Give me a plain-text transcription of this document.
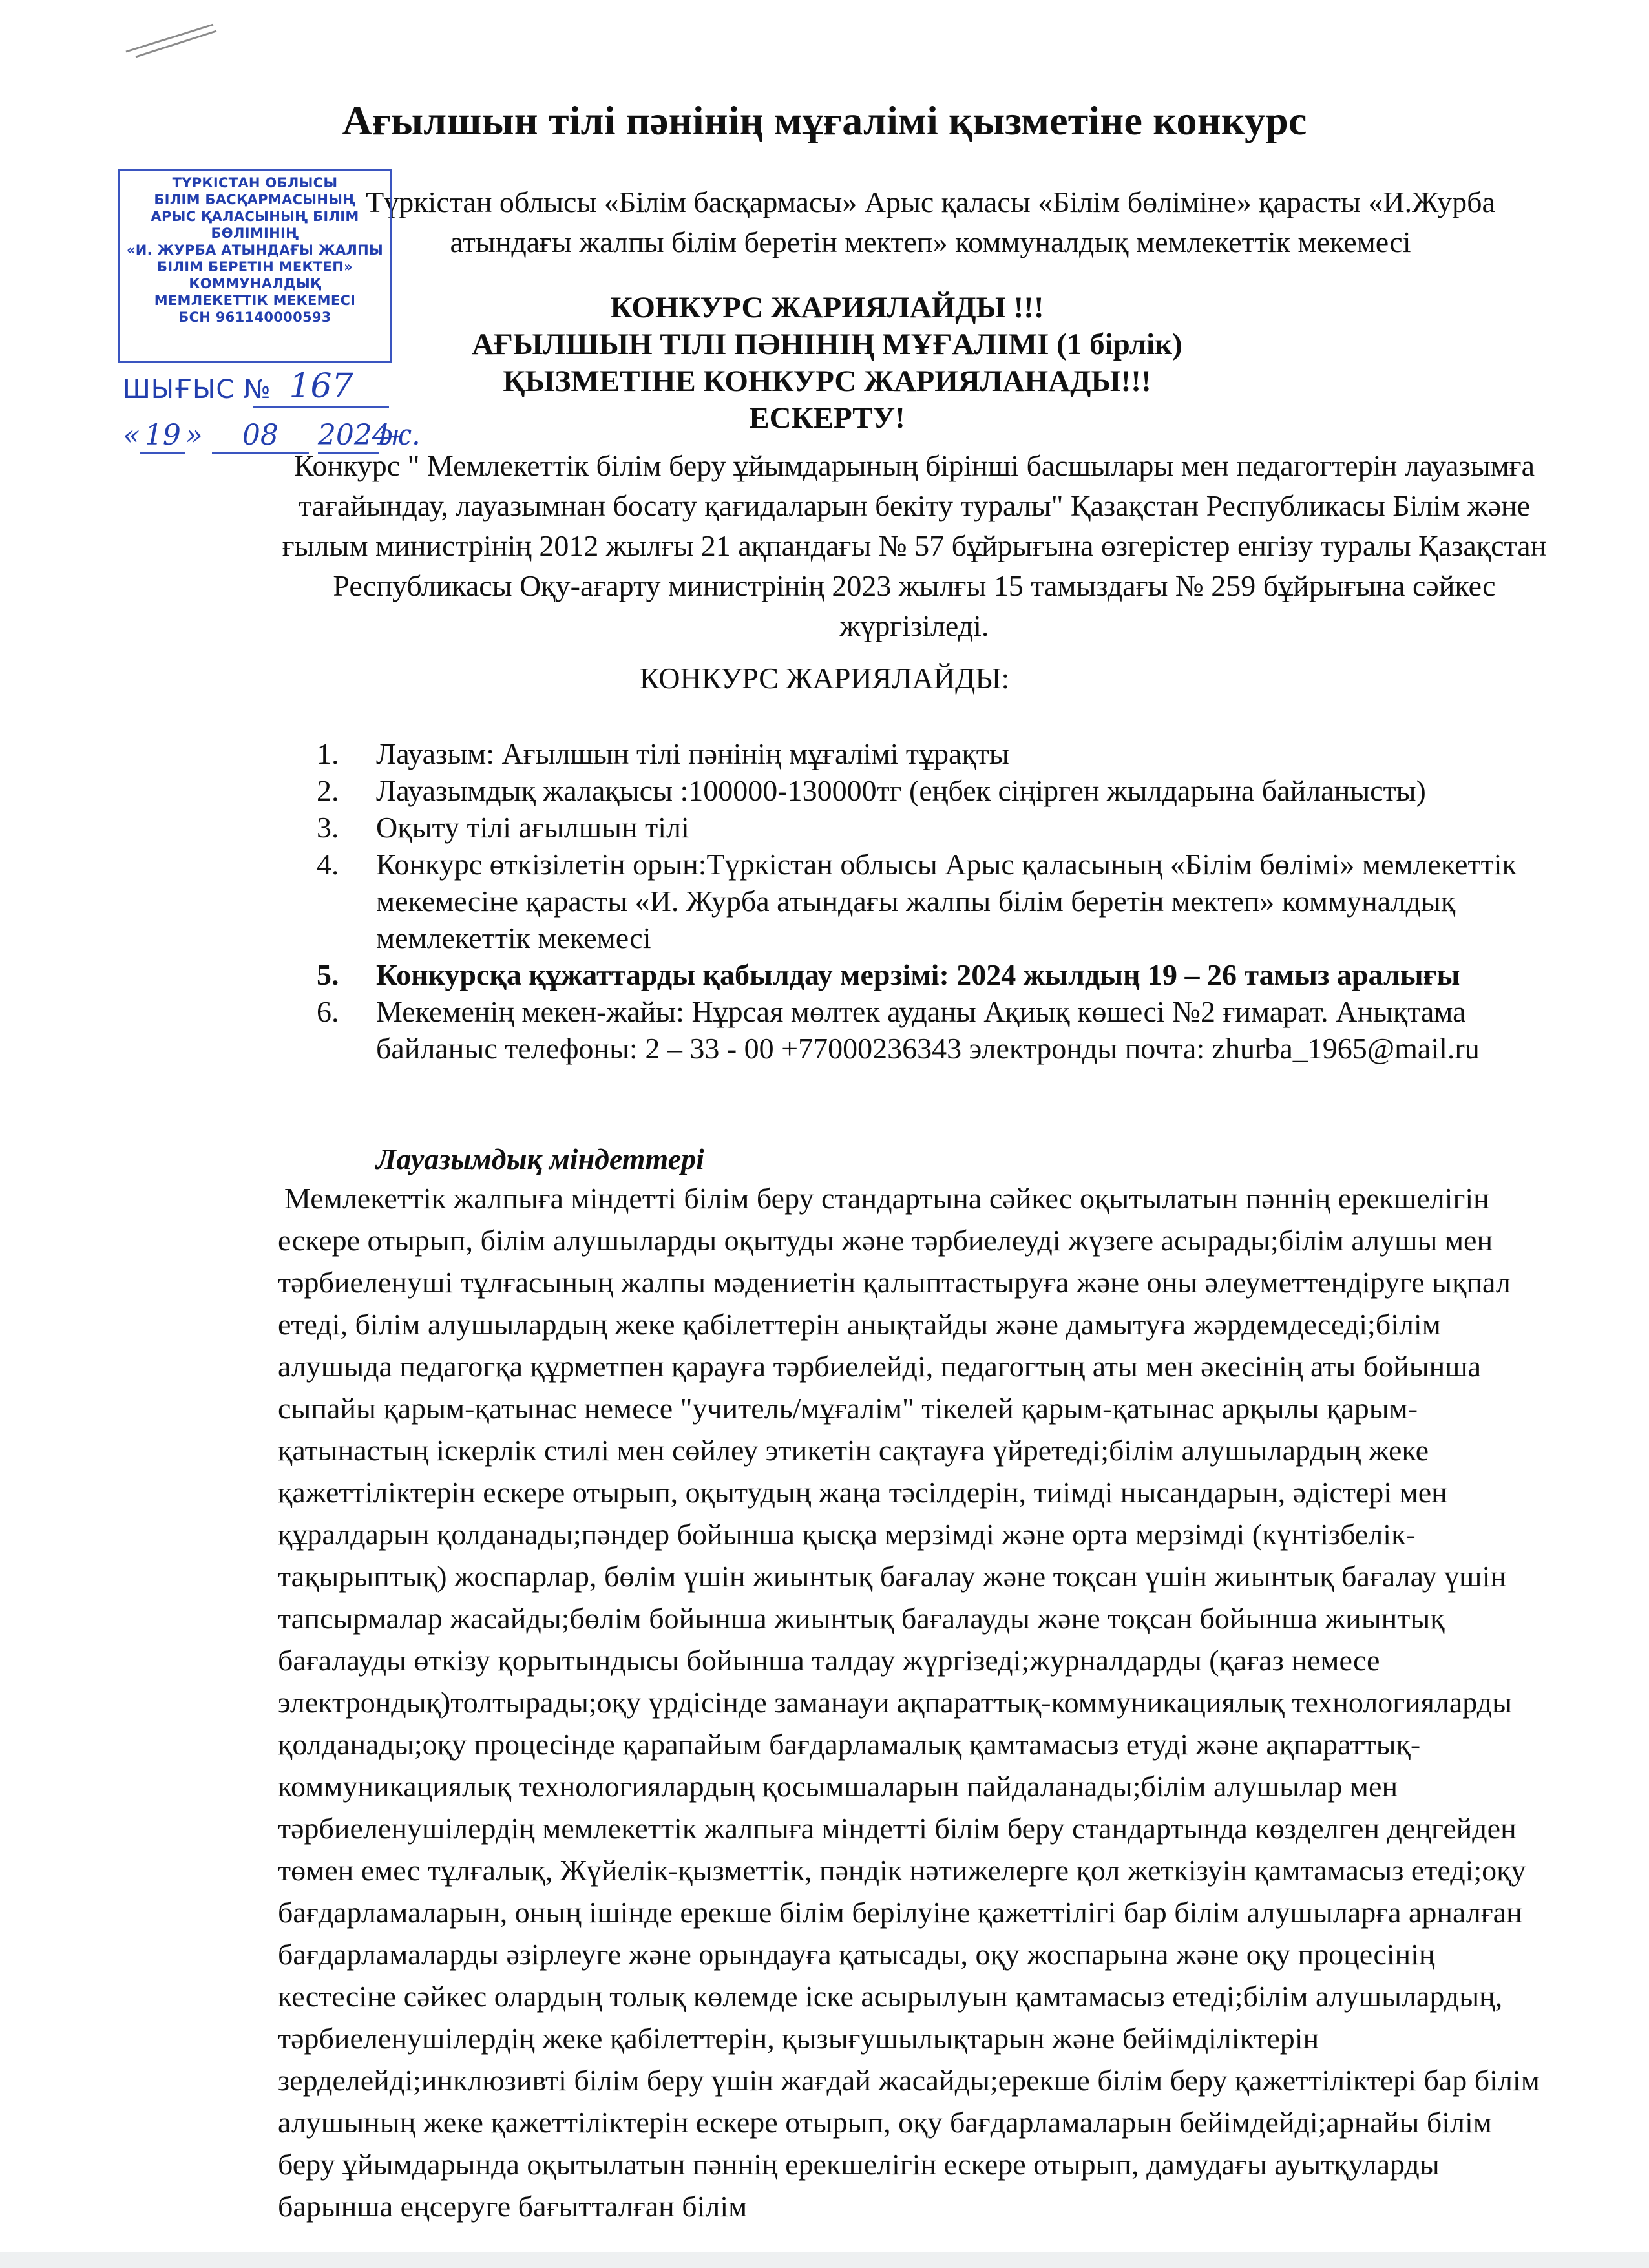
Ағылшын тілі пәнінің мұғалімі қызметіне конкурс
Түркістан облысы «Білім басқармасы» Арыс қаласы «Білім бөліміне» қарасты «И.Журба атындағы жалпы білім беретін мектеп» коммуналдық мемлекеттік мекемесі
КОНКУРС ЖАРИЯЛАЙДЫ !!!
АҒЫЛШЫН ТІЛІ ПӘНІНІҢ МҰҒАЛІМІ (1 бірлік)
ҚЫЗМЕТІНЕ КОНКУРС ЖАРИЯЛАНАДЫ!!!
ЕСКЕРТУ!
Конкурс " Мемлекеттік білім беру ұйымдарының бірінші басшылары мен педагогтерін лауазымға тағайындау, лауазымнан босату қағидаларын бекіту туралы" Қазақстан Республикасы Білім және ғылым министрінің 2012 жылғы 21 ақпандағы № 57 бұйрығына өзгерістер енгізу туралы Қазақстан Республикасы Оқу-ағарту министрінің 2023 жылғы 15 тамыздағы № 259 бұйрығына сәйкес жүргізіледі.
КОНКУРС ЖАРИЯЛАЙДЫ:
1.	Лауазым: Ағылшын тілі пәнінің мұғалімі тұрақты
2.	Лауазымдық жалақысы :100000-130000тг (еңбек сіңірген жылдарына байланысты)
3.	Оқыту тілі ағылшын тілі
4.	Конкурс өткізілетін орын:Түркістан облысы Арыс қаласының «Білім бөлімі» мемлекеттік мекемесіне қарасты «И. Журба атындағы жалпы білім беретін мектеп» коммуналдық мемлекеттік мекемесі
5.	Конкурсқа құжаттарды қабылдау мерзімі: 2024 жылдың 19 – 26 тамыз аралығы
6.	Мекеменің мекен-жайы: Нұрсая мөлтек ауданы Ақиық көшесі №2 ғимарат. Анықтама байланыс телефоны: 2 – 33 - 00 +77000236343 электронды почта: zhurba_1965@mail.ru
Лауазымдық міндеттері

Мемлекеттік жалпыға міндетті білім беру стандартына сәйкес оқытылатын пәннің ерекшелігін ескере отырып, білім алушыларды оқытуды және тәрбиелеуді жүзеге асырады;білім алушы мен тәрбиеленуші тұлғасының жалпы мәдениетін қалыптастыруға және оны әлеуметтендіруге ықпал етеді, білім алушылардың жеке қабілеттерін анықтайды және дамытуға жәрдемдеседі;білім алушыда педагогқа құрметпен қарауға тәрбиелейді, педагогтың аты мен әкесінің аты бойынша сыпайы қарым-қатынас немесе "учитель/мұғалім" тікелей қарым-қатынас арқылы қарым-қатынастың іскерлік стилі мен сөйлеу этикетін сақтауға үйретеді;білім алушылардың жеке қажеттіліктерін ескере отырып, оқытудың жаңа тәсілдерін, тиімді нысандарын, әдістері мен құралдарын қолданады;пәндер бойынша қысқа мерзімді және орта мерзімді (күнтізбелік-тақырыптық) жоспарлар, бөлім үшін жиынтық бағалау және тоқсан үшін жиынтық бағалау үшін тапсырмалар жасайды;бөлім бойынша жиынтық бағалауды және тоқсан бойынша жиынтық бағалауды өткізу қорытындысы бойынша талдау жүргізеді;журналдарды (қағаз немесе электрондық)толтырады;оқу үрдісінде заманауи ақпараттық-коммуникациялық технологияларды қолданады;оқу процесінде қарапайым бағдарламалық қамтамасыз етуді және ақпараттық-коммуникациялық технологиялардың қосымшаларын пайдаланады;білім алушылар мен тәрбиеленушілердің мемлекеттік жалпыға міндетті білім беру стандартында көзделген деңгейден төмен емес тұлғалық, Жүйелік-қызметтік, пәндік нәтижелерге қол жеткізуін қамтамасыз етеді;оқу бағдарламаларын, оның ішінде ерекше білім берілуіне қажеттілігі бар білім алушыларға арналған бағдарламаларды әзірлеуге және орындауға қатысады, оқу жоспарына және оқу процесінің кестесіне сәйкес олардың толық көлемде іске асырылуын қамтамасыз етеді;білім алушылардың, тәрбиеленушілердің жеке қабілеттерін, қызығушылықтарын және бейімділіктерін зерделейді;инклюзивті білім беру үшін жағдай жасайды;ерекше білім беру қажеттіліктері бар білім алушының жеке қажеттіліктерін ескере отырып, оқу бағдарламаларын бейімдейді;арнайы білім беру ұйымдарында оқытылатын пәннің ерекшелігін ескере отырып, дамудағы ауытқуларды барынша еңсеруге бағытталған білім

ТҮРКІСТАН ОБЛЫСЫ
БІЛІМ БАСҚАРМАСЫНЫҢ
АРЫС ҚАЛАСЫНЫҢ БІЛІМ БӨЛІМІНІҢ
«И. ЖУРБА АТЫНДАҒЫ ЖАЛПЫ
БІЛІМ БЕРЕТІН МЕКТЕП»
КОММУНАЛДЫҚ
МЕМЛЕКЕТТІК МЕКЕМЕСІ
БСН 961140000593
ШЫҒЫС № 167
« 19 » 08 2024ж.
